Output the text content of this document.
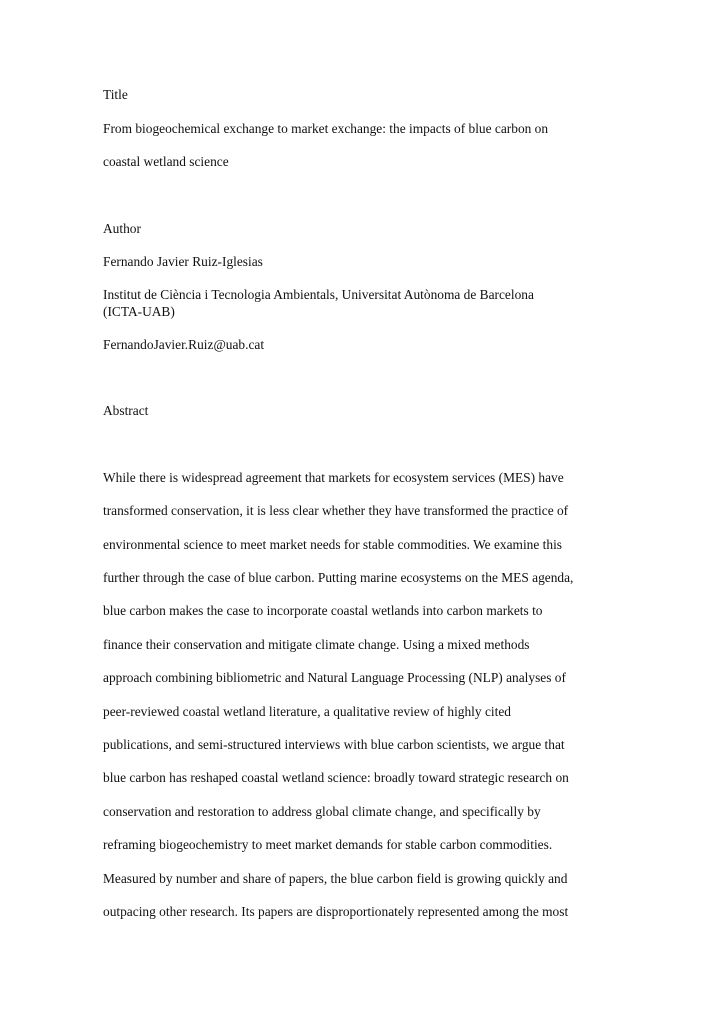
Title
From biogeochemical exchange to market exchange: the impacts of blue carbon on
coastal wetland science
Author
Fernando Javier Ruiz-Iglesias
Institut de Ciència i Tecnologia Ambientals, Universitat Autònoma de Barcelona
(ICTA-UAB)
FernandoJavier.Ruiz@uab.cat
Abstract
While there is widespread agreement that markets for ecosystem services (MES) have
transformed conservation, it is less clear whether they have transformed the practice of
environmental science to meet market needs for stable commodities. We examine this
further through the case of blue carbon. Putting marine ecosystems on the MES agenda,
blue carbon makes the case to incorporate coastal wetlands into carbon markets to
finance their conservation and mitigate climate change. Using a mixed methods
approach combining bibliometric and Natural Language Processing (NLP) analyses of
peer-reviewed coastal wetland literature, a qualitative review of highly cited
publications, and semi-structured interviews with blue carbon scientists, we argue that
blue carbon has reshaped coastal wetland science: broadly toward strategic research on
conservation and restoration to address global climate change, and specifically by
reframing biogeochemistry to meet market demands for stable carbon commodities.
Measured by number and share of papers, the blue carbon field is growing quickly and
outpacing other research. Its papers are disproportionately represented among the most
